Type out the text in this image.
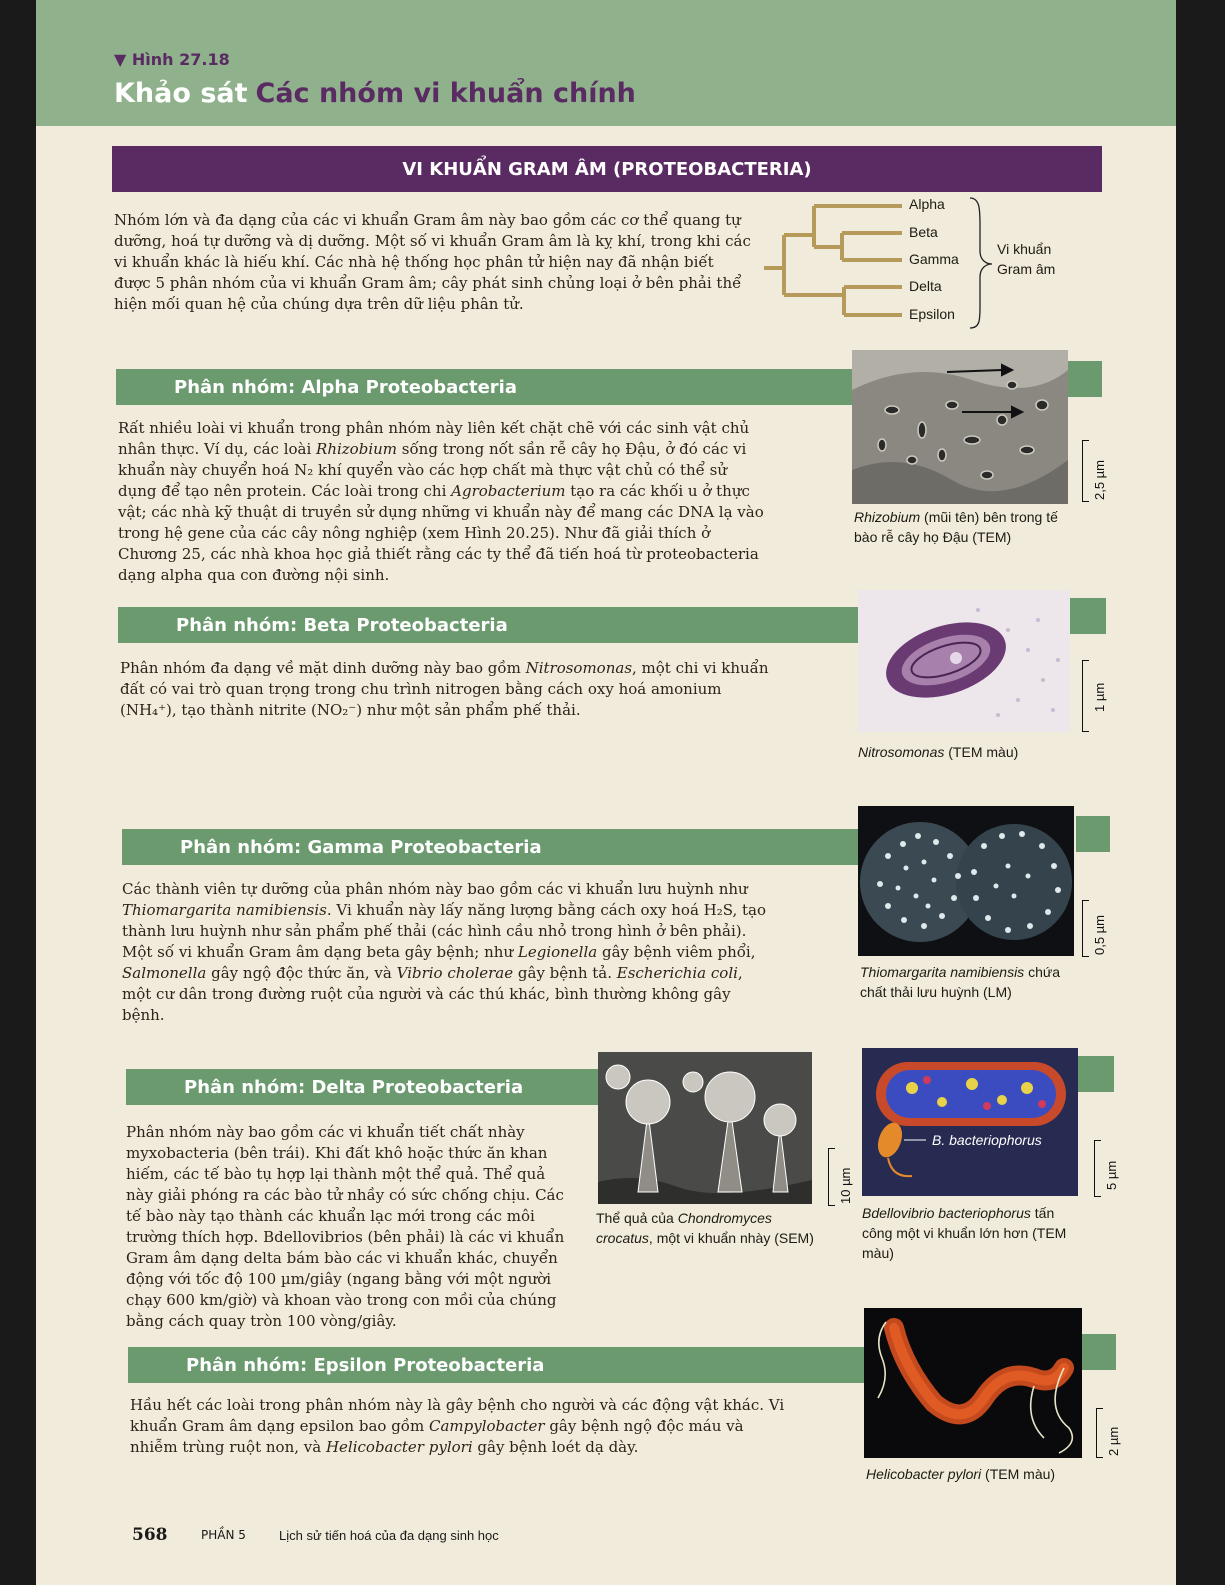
▼ Hình 27.18
Khảo sát Các nhóm vi khuẩn chính
VI KHUẨN GRAM ÂM (PROTEOBACTERIA)
Nhóm lớn và đa dạng của các vi khuẩn Gram âm này bao gồm các cơ thể quang tự dưỡng, hoá tự dưỡng và dị dưỡng. Một số vi khuẩn Gram âm là kỵ khí, trong khi các vi khuẩn khác là hiếu khí. Các nhà hệ thống học phân tử hiện nay đã nhận biết được 5 phân nhóm của vi khuẩn Gram âm; cây phát sinh chủng loại ở bên phải thể hiện mối quan hệ của chúng dựa trên dữ liệu phân tử.
Alpha
Beta
Gamma
Delta
Epsilon
Vi khuẩn
Gram âm
Phân nhóm: Alpha Proteobacteria
Rất nhiều loài vi khuẩn trong phân nhóm này liên kết chặt chẽ với các sinh vật chủ nhân thực. Ví dụ, các loài Rhizobium sống trong nốt sần rễ cây họ Đậu, ở đó các vi khuẩn này chuyển hoá N₂ khí quyển vào các hợp chất mà thực vật chủ có thể sử dụng để tạo nên protein. Các loài trong chi Agrobacterium tạo ra các khối u ở thực vật; các nhà kỹ thuật di truyền sử dụng những vi khuẩn này để mang các DNA lạ vào trong hệ gene của các cây nông nghiệp (xem Hình 20.25). Như đã giải thích ở Chương 25, các nhà khoa học giả thiết rằng các ty thể đã tiến hoá từ proteobacteria dạng alpha qua con đường nội sinh.
2,5 µm
Rhizobium (mũi tên) bên trong tế bào rễ cây họ Đậu (TEM)
Phân nhóm: Beta Proteobacteria
Phân nhóm đa dạng về mặt dinh dưỡng này bao gồm Nitrosomonas, một chi vi khuẩn đất có vai trò quan trọng trong chu trình nitrogen bằng cách oxy hoá amonium (NH₄⁺), tạo thành nitrite (NO₂⁻) như một sản phẩm phế thải.	1 µm
Nitrosomonas (TEM màu)
Phân nhóm: Gamma Proteobacteria
Các thành viên tự dưỡng của phân nhóm này bao gồm các vi khuẩn lưu huỳnh như Thiomargarita namibiensis. Vi khuẩn này lấy năng lượng bằng cách oxy hoá H₂S, tạo thành lưu huỳnh như sản phẩm phế thải (các hình cầu nhỏ trong hình ở bên phải). Một số vi khuẩn Gram âm dạng beta gây bệnh; như Legionella gây bệnh viêm phổi, Salmonella gây ngộ độc thức ăn, và Vibrio cholerae gây bệnh tả. Escherichia coli, một cư dân trong đường ruột của người và các thú khác, bình thường không gây bệnh.
0,5 µm
Thiomargarita namibiensis chứa chất thải lưu huỳnh (LM)
Phân nhóm: Delta Proteobacteria
Phân nhóm này bao gồm các vi khuẩn tiết chất nhày myxobacteria (bên trái). Khi đất khô hoặc thức ăn khan hiếm, các tế bào tụ hợp lại thành một thể quả. Thể quả này giải phóng ra các bào tử nhầy có sức chống chịu. Các tế bào này tạo thành các khuẩn lạc mới trong các môi trường thích hợp. Bdellovibrios (bên phải) là các vi khuẩn Gram âm dạng delta bám bào các vi khuẩn khác, chuyển động với tốc độ 100 µm/giây (ngang bằng với một người chạy 600 km/giờ) và khoan vào trong con mồi của chúng bằng cách quay tròn 100 vòng/giây.
10 µm
Thể quả của Chondromyces crocatus, một vi khuẩn nhày (SEM)
B. bacteriophorus
5 µm
Bdellovibrio bacteriophorus tấn công một vi khuẩn lớn hơn (TEM màu)
Phân nhóm: Epsilon Proteobacteria
Hầu hết các loài trong phân nhóm này là gây bệnh cho người và các động vật khác. Vi khuẩn Gram âm dạng epsilon bao gồm Campylobacter gây bệnh ngộ độc máu và nhiễm trùng ruột non, và Helicobacter pylori gây bệnh loét dạ dày.	2 µm
Helicobacter pylori (TEM màu)
568	PHẦN 5	Lịch sử tiến hoá của đa dạng sinh học
